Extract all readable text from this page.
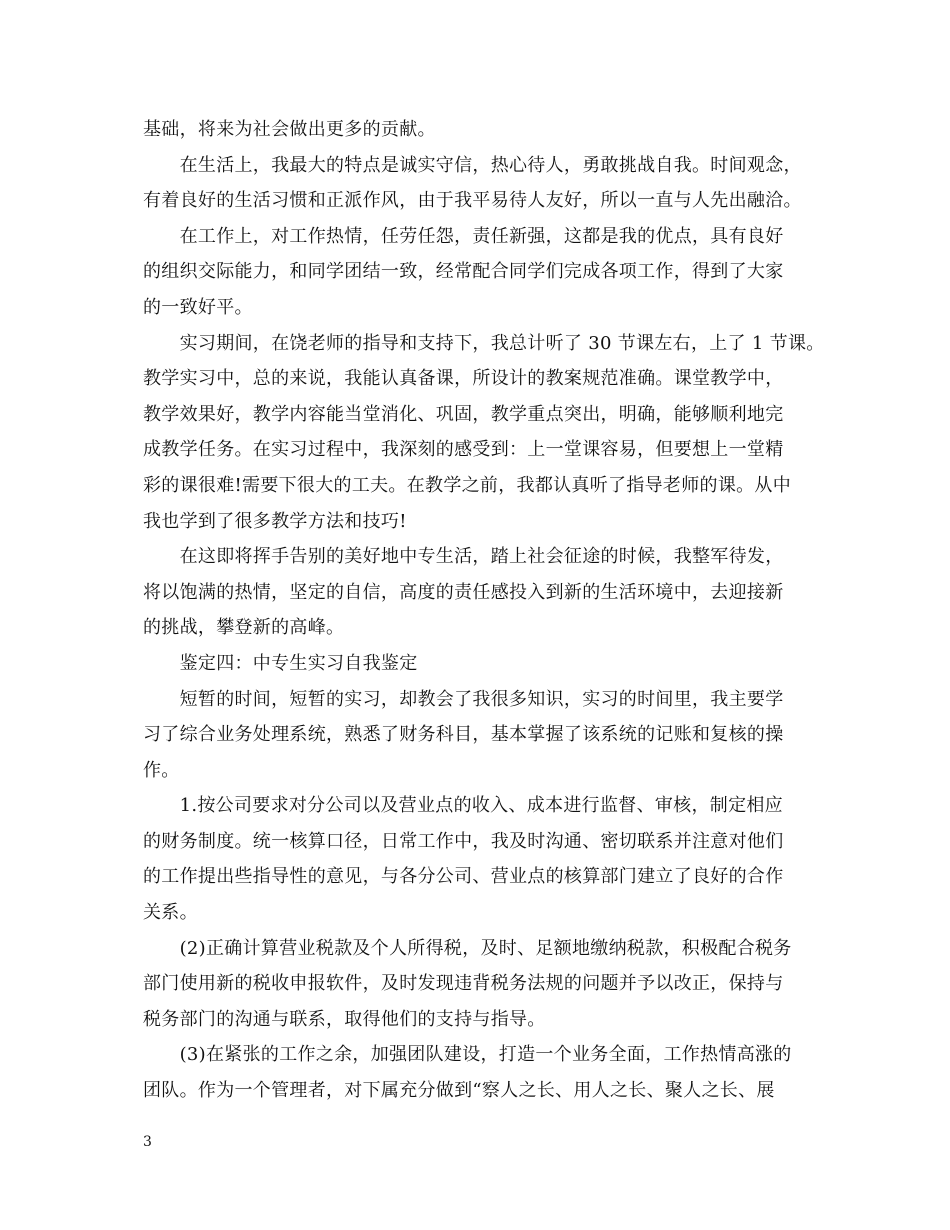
基础，将来为社会做出更多的贡献。
　　在生活上，我最大的特点是诚实守信，热心待人，勇敢挑战自我。时间观念，
有着良好的生活习惯和正派作风，由于我平易待人友好，所以一直与人先出融洽。
　　在工作上，对工作热情，任劳任怨，责任新强，这都是我的优点，具有良好
的组织交际能力，和同学团结一致，经常配合同学们完成各项工作，得到了大家
的一致好平。
　　实习期间，在饶老师的指导和支持下，我总计听了 30 节课左右，上了 1 节课。
教学实习中，总的来说，我能认真备课，所设计的教案规范准确。课堂教学中，
教学效果好，教学内容能当堂消化、巩固，教学重点突出，明确，能够顺利地完
成教学任务。在实习过程中，我深刻的感受到：上一堂课容易，但要想上一堂精
彩的课很难!需要下很大的工夫。在教学之前，我都认真听了指导老师的课。从中
我也学到了很多教学方法和技巧!
　　在这即将挥手告别的美好地中专生活，踏上社会征途的时候，我整军待发，
将以饱满的热情，坚定的自信，高度的责任感投入到新的生活环境中，去迎接新
的挑战，攀登新的高峰。
　　鉴定四：中专生实习自我鉴定
　　短暂的时间，短暂的实习，却教会了我很多知识，实习的时间里，我主要学
习了综合业务处理系统，熟悉了财务科目，基本掌握了该系统的记账和复核的操
作。
　　1.按公司要求对分公司以及营业点的收入、成本进行监督、审核，制定相应
的财务制度。统一核算口径，日常工作中，我及时沟通、密切联系并注意对他们
的工作提出些指导性的意见，与各分公司、营业点的核算部门建立了良好的合作
关系。
　　(2)正确计算营业税款及个人所得税，及时、足额地缴纳税款，积极配合税务
部门使用新的税收申报软件，及时发现违背税务法规的问题并予以改正，保持与
税务部门的沟通与联系，取得他们的支持与指导。
　　(3)在紧张的工作之余，加强团队建设，打造一个业务全面，工作热情高涨的
团队。作为一个管理者，对下属充分做到“察人之长、用人之长、聚人之长、展
3
